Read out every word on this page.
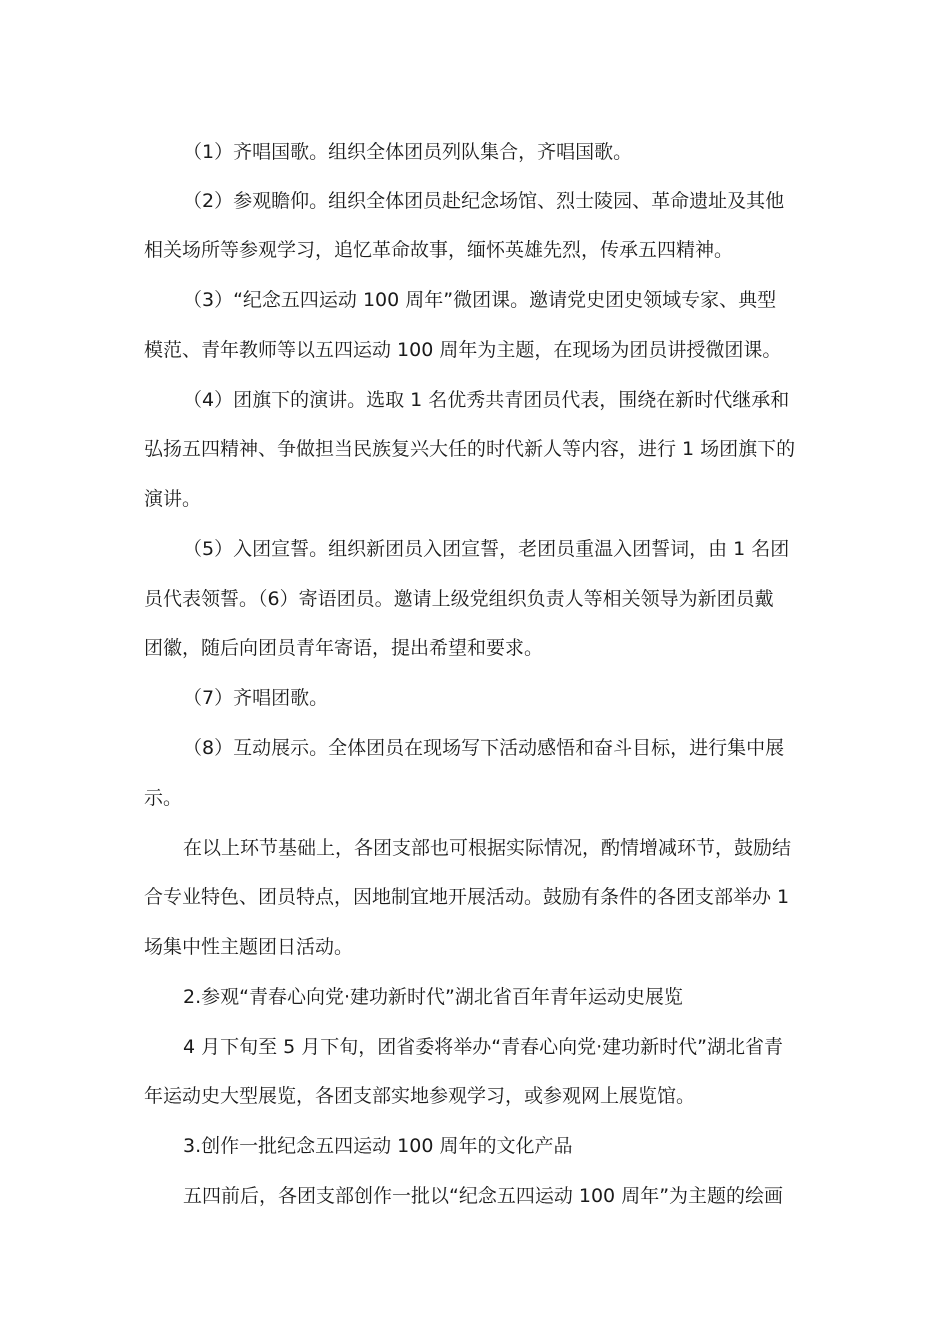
（1）齐唱国歌。组织全体团员列队集合，齐唱国歌。
（2）参观瞻仰。组织全体团员赴纪念场馆、烈士陵园、革命遗址及其他
相关场所等参观学习，追忆革命故事，缅怀英雄先烈，传承五四精神。
（3）“纪念五四运动 100 周年”微团课。邀请党史团史领域专家、典型
模范、青年教师等以五四运动 100 周年为主题，在现场为团员讲授微团课。
（4）团旗下的演讲。选取 1 名优秀共青团员代表，围绕在新时代继承和
弘扬五四精神、争做担当民族复兴大任的时代新人等内容，进行 1 场团旗下的
演讲。
（5）入团宣誓。组织新团员入团宣誓，老团员重温入团誓词，由 1 名团
员代表领誓。（6）寄语团员。邀请上级党组织负责人等相关领导为新团员戴
团徽，随后向团员青年寄语，提出希望和要求。
（7）齐唱团歌。
（8）互动展示。全体团员在现场写下活动感悟和奋斗目标，进行集中展
示。
在以上环节基础上，各团支部也可根据实际情况，酌情增减环节，鼓励结
合专业特色、团员特点，因地制宜地开展活动。鼓励有条件的各团支部举办 1
场集中性主题团日活动。
2.参观“青春心向党·建功新时代”湖北省百年青年运动史展览
4 月下旬至 5 月下旬，团省委将举办“青春心向党·建功新时代”湖北省青
年运动史大型展览，各团支部实地参观学习，或参观网上展览馆。
3.创作一批纪念五四运动 100 周年的文化产品
五四前后，各团支部创作一批以“纪念五四运动 100 周年”为主题的绘画
